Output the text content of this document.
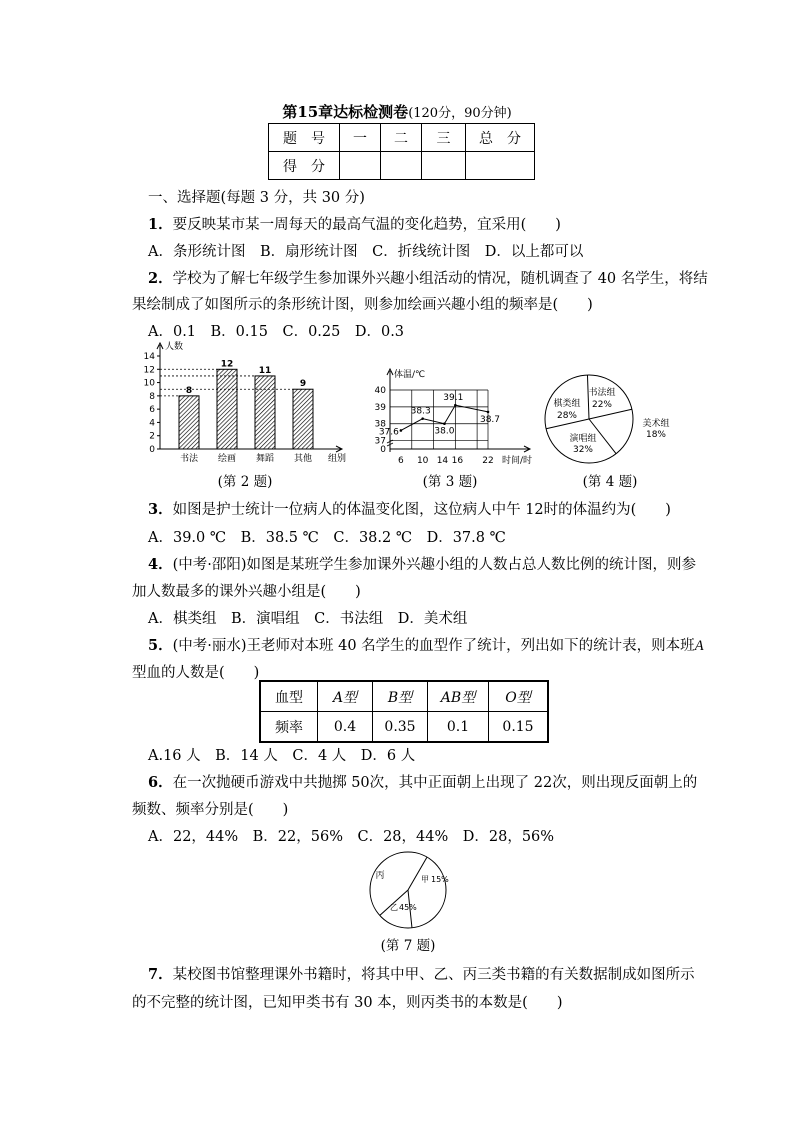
第15章达标检测卷(120分，90分钟)
题　号	一	二	三	总　分
得　分				
一、选择题(每题 3 分，共 30 分)
1．要反映某市某一周每天的最高气温的变化趋势，宜采用(　　)
A．条形统计图　B．扇形统计图　C．折线统计图　D．以上都可以
2．学校为了解七年级学生参加课外兴趣小组活动的情况，随机调查了 40 名学生，将结
果绘制成了如图所示的条形统计图，则参加绘画兴趣小组的频率是(　　)
A．0.1　B．0.15　C．0.25　D．0.3
人数
组别
0
2
4
6
8
10
12
14
8
书法
12
绘画
11
舞蹈
9
其他
(第 2 题)
体温/℃
时间/时
37
38
39
40
0
6 10 14 16 22
37.6
38.3
38.0
39.1
38.7
(第 3 题)
书法组
22%
美术组
18%
演唱组
32%
棋类组
28%
(第 4 题)
3．如图是护士统计一位病人的体温变化图，这位病人中午 12时的体温约为(　　)
A．39.0 ℃　B．38.5 ℃　C．38.2 ℃　D．37.8 ℃
4．(中考·邵阳)如图是某班学生参加课外兴趣小组的人数占总人数比例的统计图，则参
加人数最多的课外兴趣小组是(　　)
A．棋类组　B．演唱组　C．书法组　D．美术组
5．(中考·丽水)王老师对本班 40 名学生的血型作了统计，列出如下的统计表，则本班A
型血的人数是(　　)
血型	A型	B型	AB型	O型
频率	0.4	0.35	0.1	0.15
A.16 人　B．14 人　C．4 人　D．6 人
6．在一次抛硬币游戏中共抛掷 50次，其中正面朝上出现了 22次，则出现反面朝上的
频数、频率分别是(　　)
A．22，44%　B．22，56%　C．28，44%　D．28，56%
丙	甲 15%
乙 45%
(第 7 题)
7．某校图书馆整理课外书籍时，将其中甲、乙、丙三类书籍的有关数据制成如图所示
的不完整的统计图，已知甲类书有 30 本，则丙类书的本数是(　　)
